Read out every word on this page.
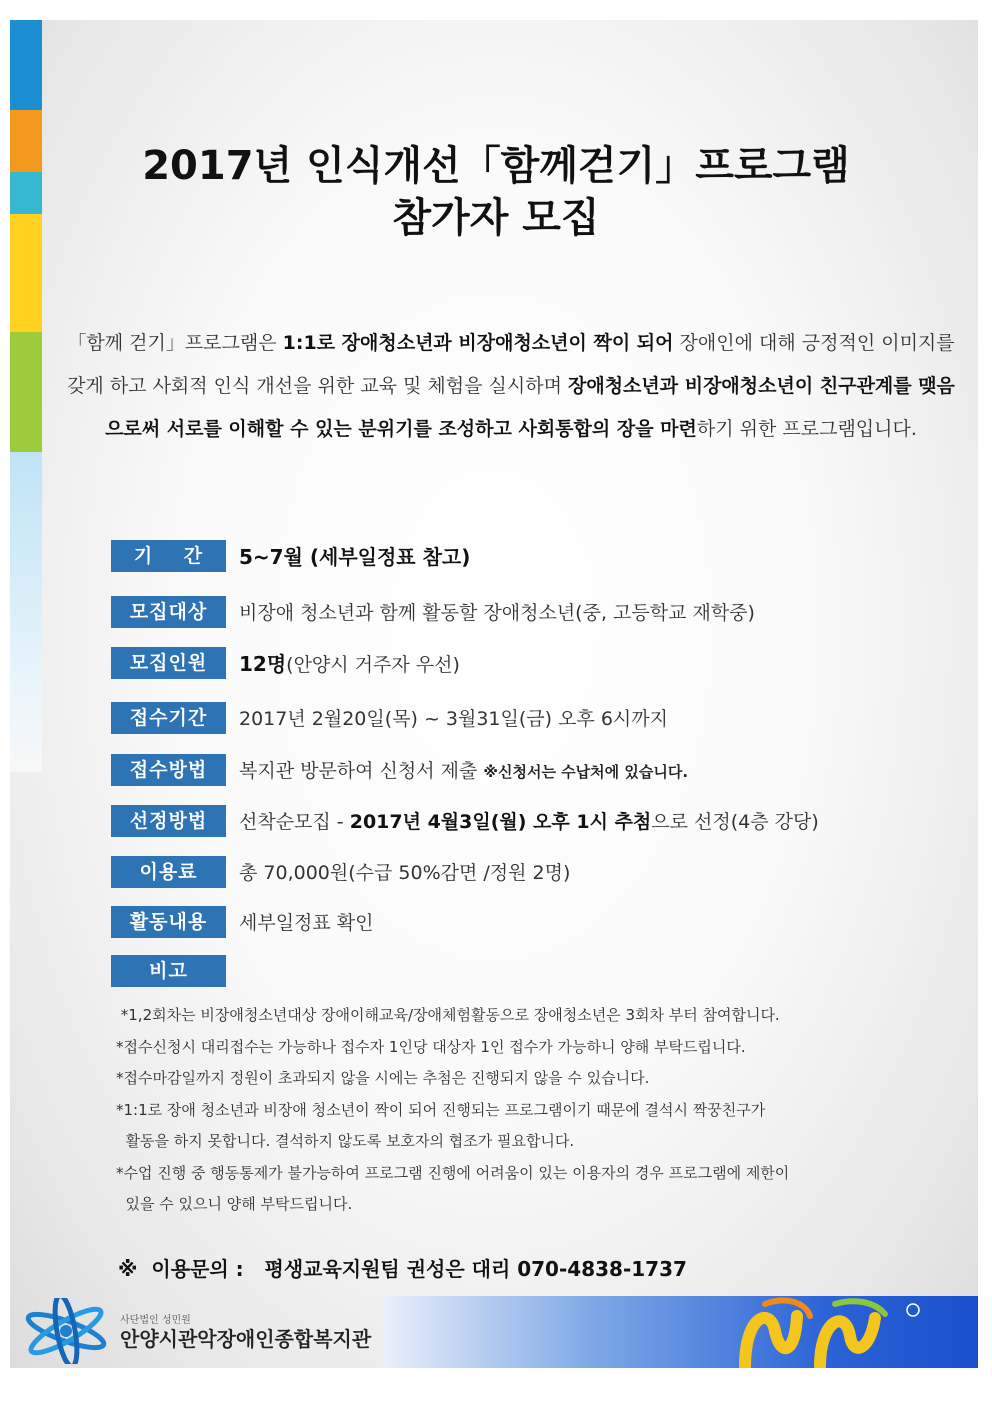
2017년 인식개선「함께걷기」프로그램
참가자 모집
「함께 걷기」프로그램은 1:1로 장애청소년과 비장애청소년이 짝이 되어 장애인에 대해 긍정적인 이미지를 갖게 하고 사회적 인식 개선을 위한 교육 및 체험을 실시하며 장애청소년과 비장애청소년이 친구관계를 맺음으로써 서로를 이해할 수 있는 분위기를 조성하고 사회통합의 장을 마련하기 위한 프로그램입니다.
기    간	5~7월 (세부일정표 참고)
모집대상	비장애 청소년과 함께 활동할 장애청소년(중, 고등학교 재학중)
모집인원	12명(안양시 거주자 우선)
접수기간	2017년 2월20일(목) ~ 3월31일(금) 오후 6시까지
접수방법	복지관 방문하여 신청서 제출 ※신청서는 수납처에 있습니다.
선정방법	선착순모집 - 2017년 4월3일(월) 오후 1시 추첨으로 선정(4층 강당)
이용료	총 70,000원(수급 50%감면 /정원 2명)
활동내용	세부일정표 확인
비고
*1,2회차는 비장애청소년대상 장애이해교육/장애체험활동으로 장애청소년은 3회차 부터 참여합니다.
*접수신청시 대리접수는 가능하나 접수자 1인당 대상자 1인 접수가 가능하니 양해 부탁드립니다.
*접수마감일까지 정원이 초과되지 않을 시에는 추첨은 진행되지 않을 수 있습니다.
*1:1로 장애 청소년과 비장애 청소년이 짝이 되어 진행되는 프로그램이기 때문에 결석시 짝꿍친구가
활동을 하지 못합니다. 결석하지 않도록 보호자의 협조가 필요합니다.
*수업 진행 중 행동통제가 불가능하여 프로그램 진행에 어려움이 있는 이용자의 경우 프로그램에 제한이
있을 수 있으니 양해 부탁드립니다.
※  이용문의 :   평생교육지원팀 권성은 대리 070-4838-1737
사단법인 성민원
안양시관악장애인종합복지관
